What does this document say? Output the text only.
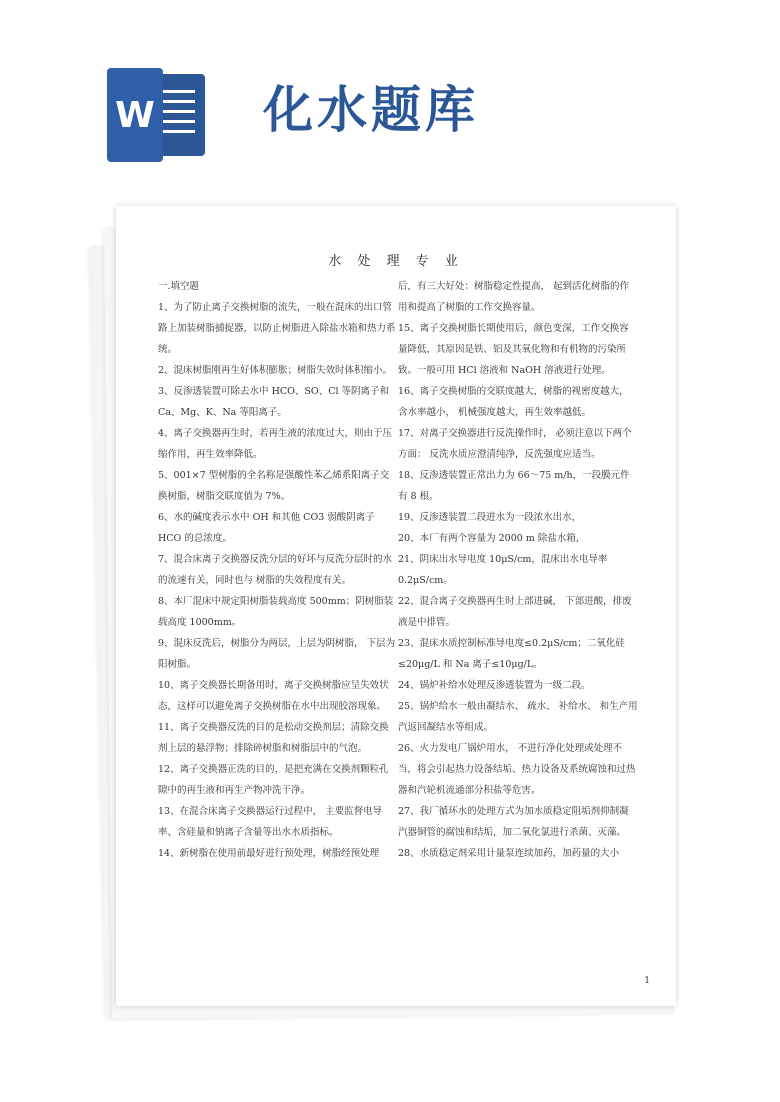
W 化水题库
水 处 理 专 业
一.填空题
1、为了防止离子交换树脂的流失，一般在混床的出口管路上加装树脂捕捉器，以防止树脂进入除盐水箱和热力系统。
2、混床树脂刚再生好体积膨胀；树脂失效时体积缩小。
3、反渗透装置可除去水中 HCO、SO、Cl 等阴离子和Ca、Mg、K、Na 等阳离子。
4、离子交换器再生时，若再生液的浓度过大，则由于压缩作用，再生效率降低。
5、001×7 型树脂的全名称是强酸性苯乙烯系阳离子交换树脂，树脂交联度值为 7%。
6、水的碱度表示水中 OH 和其他 CO3 弱酸阴离子 HCO 的总浓度。
7、混合床离子交换器反洗分层的好坏与反洗分层时的水的流速有关，同时也与 树脂的失效程度有关。
8、本厂混床中规定阳树脂装载高度 500mm；阴树脂装载高度 1000mm。
9、混床反洗后，树脂分为两层，上层为阴树脂， 下层为阳树脂。
10、离子交换器长期备用时，离子交换树脂应呈失效状态，这样可以避免离子交换树脂在水中出现胶溶现象。
11、离子交换器反洗的目的是松动交换剂层；清除交换剂上层的悬浮物；排除碎树脂和树脂层中的气泡。
12、离子交换器正洗的目的，是把充满在交换剂颗粒孔隙中的再生液和再生产物冲洗干净。
13、在混合床离子交换器运行过程中， 主要监督电导率、含硅量和钠离子含量等出水水质指标。
14、新树脂在使用前最好进行预处理，树脂经预处理
后，有三大好处：树脂稳定性提高， 起到活化树脂的作用和提高了树脂的工作交换容量。
15、离子交换树脂长期使用后，颜色变深，工作交换容量降低，其原因是铁、铝及其氧化物和有机物的污染所致。一般可用 HCl 溶液和 NaOH 溶液进行处理。
16、离子交换树脂的交联度越大，树脂的视密度越大，含水率越小， 机械强度越大，再生效率越低。
17、对离子交换器进行反洗操作时， 必须注意以下两个方面： 反洗水质应澄清纯净，反洗强度应适当。
18、反渗透装置正常出力为 66～75 m/h，一段膜元件有 8 根。
19、反渗透装置二段进水为一段浓水出水，
20、本厂有两个容量为 2000 m 除盐水箱，
21、阴床出水导电度 10μS/cm，混床出水电导率0.2μS/cm。
22、混合离子交换器再生时上部进碱， 下部进酸，排废液是中排管。
23、混床水质控制标准导电度≤0.2μS/cm；二氧化硅≤20μg/L 和 Na 离子≤10μg/L。
24、锅炉补给水处理反渗透装置为一级二段。
25、锅炉给水一般由凝结水、 疏水、 补给水、 和生产用汽返回凝结水等组成。
26、火力发电厂锅炉用水， 不进行净化处理或处理不当，将会引起热力设备结垢、热力设备及系统腐蚀和过热器和汽轮机流通部分积盐等危害。
27、我厂循环水的处理方式为加水质稳定阻垢剂抑制凝汽器铜管的腐蚀和结垢，加二氧化氯进行杀菌、灭藻。
28、水质稳定剂采用计量泵连续加药，加药量的大小
1
